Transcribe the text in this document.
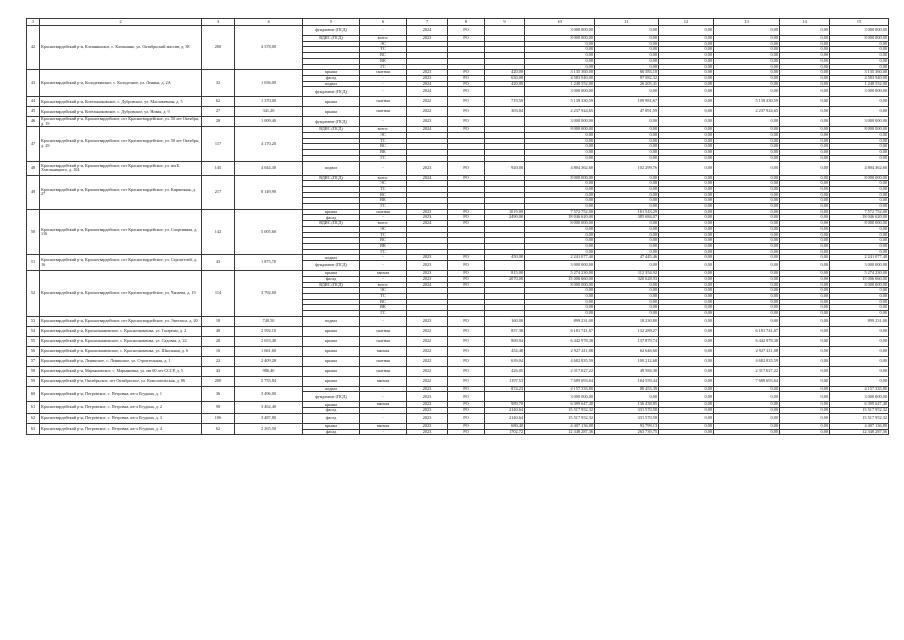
1	2	3	4	5	6	7	8	9	10	11	12	13	14	15
42	Красногвардейский р-н, Клешнинское, с. Клешнино, ул. Октябрьский массив, д. 38	200	4 378,00	фундамент (ПСД)	-	2024	РО		3 000 000,00	0,00	0,00	0,00	0,00	3 000 000,00
				ВДИС (ПСД)	всего:	2023	РО		8 000 000,00	0,00	0,00	0,00	0,00	8 000 000,00
					ЭС				0,00	0,00	0,00	0,00	0,00	0,00
					ТС				0,00	0,00	0,00	0,00	0,00	0,00
					ВС				0,00	0,00	0,00	0,00	0,00	0,00
					ВК				0,00	0,00	0,00	0,00	0,00	0,00
					ГС				0,00	0,00	0,00	0,00	0,00	0,00
43	Красногвардейский р-н, Колодезянское, с. Колодезное, ул. Ленина, д. 2А	32	1 036,00	крыша	скатная	2023	РО	420,00	3 135 360,00	66 583,10	0,00	0,00	0,00	3 135 360,00
				фасад	-	2023	РО	630,00	4 583 940,00	97 582,32	0,00	0,00	0,00	4 583 940,00
				подвал	-	2024	РО	420,00	1 248 552,00	26 205,41	0,00	0,00	0,00	1 248 552,00
				фундамент (ПСД)	-	2024	РО		3 000 000,00	0,00	0,00	0,00	0,00	3 000 000,00
44	Красногвардейский р-н, Котельниковское, с. Дубровское, ул. Маслакевнчн, д. 5	62	1 370,00	крыша	скатная	2022	РО	719,50	5 139 330,59	109 981,67	0,00	5 139 330,59	0,00	0,00
45	Красногвардейский р-н, Котельниковское, с. Дубровское, ул. Новая, д. 9	27	341,20	крыша	скатная	2022	РО	303,04	2 237 924,65	47 891,59	0,00	2 237 924,65	0,00	0,00
46	Красногвардейский р-н, Красногвардейское, пгт Красногвардейское, ул. 50 лет Октября, д. 19	28	1 009,40	фундамент (ПСД)	-	2023	РО		3 000 000,00	0,00	0,00	0,00	0,00	3 000 000,00
47	Красногвардейский р-н, Красногвардейское, пгт Красногвардейское, ул. 50 лет Октября, д. 29	117	4 170,20	ВДИС (ПСД)	всего:	2024	РО		8 000 000,00	0,00	0,00	0,00	0,00	8 000 000,00
					ЭС				0,00	0,00	0,00	0,00	0,00	0,00
					ТС				0,00	0,00	0,00	0,00	0,00	0,00
					ВС				0,00	0,00	0,00	0,00	0,00	0,00
					ВК				0,00	0,00	0,00	0,00	0,00	0,00
					ГС				0,00	0,00	0,00	0,00	0,00	0,00
48	Красногвардейский р-н, Красногвардейское, пгт Красногвардейское, ул. им Б. Хмельницкого, д. 104	145	4 044,30	подвал	-	2023	РО	920,00	4 804 362,60	102 299,76	0,00	0,00	0,00	4 804 362,60
49	Красногвардейский р-н, Красногвардейское, пгт Красногвардейское, ул. Кирпичная, д. 27	217	8 149,90	ВДИС (ПСД)	всего:	2024	РО		8 000 000,00	0,00	0,00	0,00	0,00	8 000 000,00
					ЭС				0,00	0,00	0,00	0,00	0,00	0,00
					ТС				0,00	0,00	0,00	0,00	0,00	0,00
					ВС				0,00	0,00	0,00	0,00	0,00	0,00
					ВК				0,00	0,00	0,00	0,00	0,00	0,00
					ГС				0,00	0,00	0,00	0,00	0,00	0,00
50	Красногвардейский р-н, Красногвардейское, пгт Красногвардейское, ул. Спортивная, д. 116	142	5 005,60	крыша	скатная	2023	РО	1019,00	7 572 752,00	161 543,29	0,00	0,00	0,00	7 572 752,00
				фасад	-	2023	РО	2490,00	18 046 620,00	385 684,07	0,00	0,00	0,00	18 046 620,00
				ВДИС (ПСД)	всего:	2024	РО		8 000 000,00	0,00	0,00	0,00	0,00	8 000 000,00
					ЭС				0,00	0,00	0,00	0,00	0,00	0,00
					ТС				0,00	0,00	0,00	0,00	0,00	0,00
					ВС				0,00	0,00	0,00	0,00	0,00	0,00
					ВК				0,00	0,00	0,00	0,00	0,00	0,00
					ГС				0,00	0,00	0,00	0,00	0,00	0,00
51	Красногвардейский р-н, Красногвардейское, пгт Красногвардейское, ул. Строителей, д. 16	43	1 875,70	подвал	-	2023	РО	450,00	2 241 077,40	47 445,46	0,00	0,00	0,00	2 241 077,40
				фундамент (ПСД)	-	2023	РО		3 000 000,00	0,00	0,00	0,00	0,00	3 000 000,00
52	Красногвардейский р-н, Красногвардейское, пгт Красногвардейское, ул. Чапаева, д. 19	114	3 792,60	крыша	мягкая	2023	РО	815,00	5 274 230,00	112 354,92	0,00	0,00	0,00	5 274 230,00
				фасад	-	2023	РО	2070,00	15 006 660,00	320 628,93	0,00	0,00	0,00	15 006 660,00
				ВДИС (ПСД)	всего:	2024	РО		8 000 000,00	0,00	0,00	0,00	0,00	8 000 000,00
					ЭС				0,00	0,00	0,00	0,00	0,00	0,00
					ТС				0,00	0,00	0,00	0,00	0,00	0,00
					ВС				0,00	0,00	0,00	0,00	0,00	0,00
					ВК				0,00	0,00	0,00	0,00	0,00	0,00
					ГС				0,00	0,00	0,00	0,00	0,00	0,00
53	Красногвардейский р-н, Красногвардейское, пгт Красногвардейское, ул. Энгельса, д. 20	18	740,50	подвал	-	2023	РО	160,00	899 231,00	18 230,80	0,00	0,00	0,00	899 231,00
54	Красногвардейский р-н, Краснознаменское, с. Краснознаменка, ул. Гагарина, д. 2	48	2 592,10	крыша	скатная	2022	РО	857,38	6 181 741,67	132 289,27	0,00	6 181 741,67	0,00	0,00
55	Красногвардейский р-н, Краснознаменское, с. Краснознаменка, ул. Садовая, д. 22	28	2 653,48	крыша	скатная	2022	РО	869,94	6 442 978,38	137 879,74	0,00	6 442 978,38	0,00	0,00
56	Красногвардейский р-н, Краснознаменское, с. Краснознаменка, ул. Школьная, д. 6	16	1 661,60	крыша	мягкая	2022	РО	454,48	2 927 411,08	62 646,60	0,00	2 927 411,08	0,00	0,00
57	Красногвардейский р-н, Ленинское, с. Ленинское, ул. Строительная, д. 1	22	2 409,28	крыша	скатная	2022	РО	639,04	4 682 835,59	100 212,68	0,00	4 682 835,59	0,00	0,00
58	Красногвардейский р-н, Марьяновское, с. Марьяновка, ул. им 60 лет СССР, д. 5	43	986,40	крыша	скатная	2022	РО	426,05	2 317 027,22	49 584,38	0,00	2 317 027,22	0,00	0,00
59	Красногвардейский р-н, Октябрьское, пгт Октябрьское, ул. Комсомольская, д. 86	200	5 755,84	крыша	мягкая	2022	РО	1197,53	7 689 693,64	164 559,44	0,00	7 689 693,64	0,00	0,00
60	Красногвардейский р-н, Петровское, с. Петровка, кв-л Егудина, д. 1	36	3 496,00	подвал	-	2023	РО	874,23	4 157 335,80	88 453,39	0,00	0,00	0,00	4 157 335,80
				фундамент (ПСД)	-	2023	РО		3 000 000,00	0,00	0,00	0,00	0,00	3 000 000,00
61	Красногвардейский р-н, Петровское, с. Петровка, кв-л Егудина, д. 2	98	3 462,40	крыша	мягкая	2023	РО	989,70	6 399 647,40	136 438,85	0,00	0,00	0,00	6 399 647,40
				фасад	-	2023	РО	2140,64	15 517 952,32	331 570,58	0,00	0,00	0,00	15 517 952,32
62	Красногвардейский р-н, Петровское, с. Петровка, кв-л Егудина, д. 3	106	3 487,80	фасад	-	2023	РО	2140,64	15 517 952,32	331 570,58	0,00	0,00	0,00	15 517 952,32
63	Красногвардейский р-н, Петровское, с. Петровка, кв-л Егудина, д. 4	62	2 265,50	крыша	мягкая	2023	РО	680,40	4 407 136,80	93 799,13	0,00	0,00	0,00	4 407 136,80
				фасад	-	2023	РО	1702,72	12 348 287,36	263 739,75	0,00	0,00	0,00	12 348 287,36
